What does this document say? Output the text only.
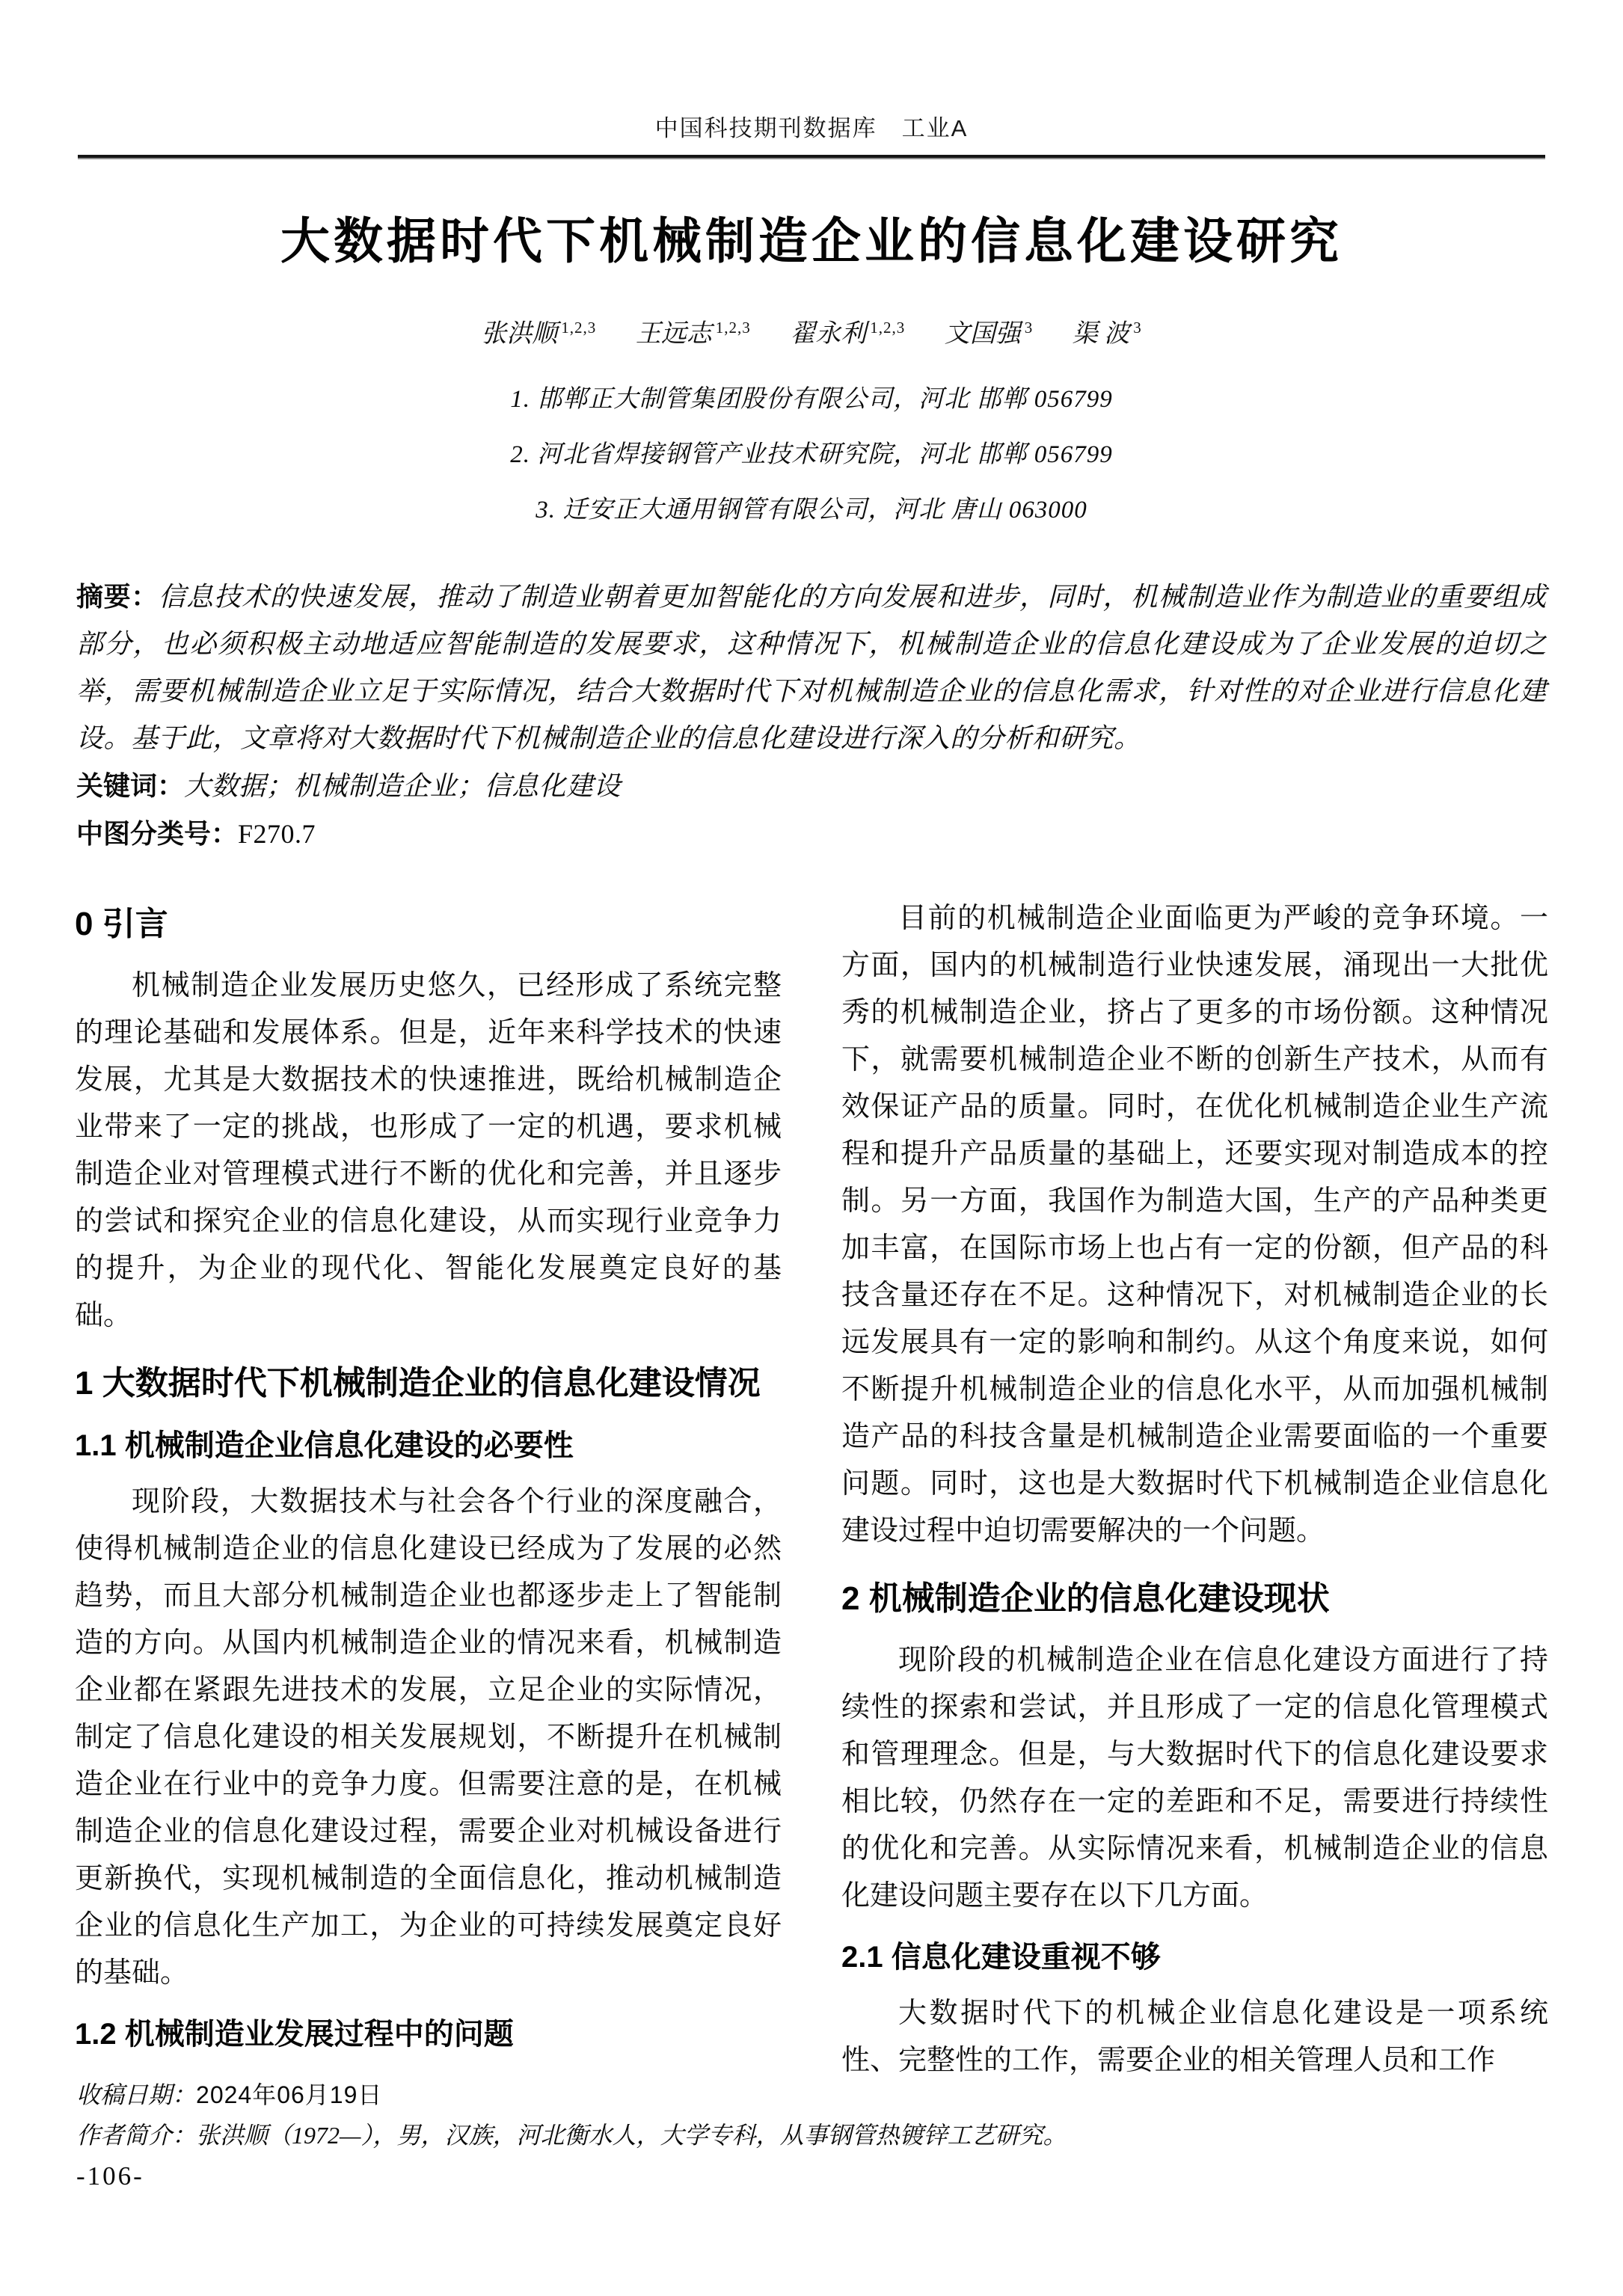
中国科技期刊数据库　工业A
大数据时代下机械制造企业的信息化建设研究
张洪顺 $^{1,2,3}$ 王远志 $^{1,2,3}$ 翟永利 $^{1,2,3}$ 文国强 $^3$ 渠 波 $^3$
1. 邯郸正大制管集团股份有限公司，河北 邯郸 056799
2. 河北省焊接钢管产业技术研究院，河北 邯郸 056799
3. 迁安正大通用钢管有限公司，河北 唐山 063000
摘要：信息技术的快速发展，推动了制造业朝着更加智能化的方向发展和进步，同时，机械制造业作为制造业的重要组成部分，也必须积极主动地适应智能制造的发展要求，这种情况下，机械制造企业的信息化建设成为了企业发展的迫切之举，需要机械制造企业立足于实际情况，结合大数据时代下对机械制造企业的信息化需求，针对性的对企业进行信息化建设。基于此，文章将对大数据时代下机械制造企业的信息化建设进行深入的分析和研究。
关键词：大数据；机械制造企业；信息化建设
中图分类号：F270.7
0 引言

机械制造企业发展历史悠久，已经形成了系统完整的理论基础和发展体系。但是，近年来科学技术的快速发展，尤其是大数据技术的快速推进，既给机械制造企业带来了一定的挑战，也形成了一定的机遇，要求机械制造企业对管理模式进行不断的优化和完善，并且逐步的尝试和探究企业的信息化建设，从而实现行业竞争力的提升，为企业的现代化、智能化发展奠定良好的基础。

1 大数据时代下机械制造企业的信息化建设情况
1.1 机械制造企业信息化建设的必要性

现阶段，大数据技术与社会各个行业的深度融合，使得机械制造企业的信息化建设已经成为了发展的必然趋势，而且大部分机械制造企业也都逐步走上了智能制造的方向。从国内机械制造企业的情况来看，机械制造企业都在紧跟先进技术的发展，立足企业的实际情况，制定了信息化建设的相关发展规划，不断提升在机械制造企业在行业中的竞争力度。但需要注意的是，在机械制造企业的信息化建设过程，需要企业对机械设备进行更新换代，实现机械制造的全面信息化，推动机械制造企业的信息化生产加工，为企业的可持续发展奠定良好的基础。

1.2 机械制造业发展过程中的问题

目前的机械制造企业面临更为严峻的竞争环境。一方面，国内的机械制造行业快速发展，涌现出一大批优秀的机械制造企业，挤占了更多的市场份额。这种情况下，就需要机械制造企业不断的创新生产技术，从而有效保证产品的质量。同时，在优化机械制造企业生产流程和提升产品质量的基础上，还要实现对制造成本的控制。另一方面，我国作为制造大国，生产的产品种类更加丰富，在国际市场上也占有一定的份额，但产品的科技含量还存在不足。这种情况下，对机械制造企业的长远发展具有一定的影响和制约。从这个角度来说，如何不断提升机械制造企业的信息化水平，从而加强机械制造产品的科技含量是机械制造企业需要面临的一个重要问题。同时，这也是大数据时代下机械制造企业信息化建设过程中迫切需要解决的一个问题。

2 机械制造企业的信息化建设现状

现阶段的机械制造企业在信息化建设方面进行了持续性的探索和尝试，并且形成了一定的信息化管理模式和管理理念。但是，与大数据时代下的信息化建设要求相比较，仍然存在一定的差距和不足，需要进行持续性的优化和完善。从实际情况来看，机械制造企业的信息化建设问题主要存在以下几方面。

2.1 信息化建设重视不够

大数据时代下的机械企业信息化建设是一项系统性、完整性的工作，需要企业的相关管理人员和工作

收稿日期：2024年06月19日
作者简介：张洪顺（1972—），男，汉族，河北衡水人，大学专科，从事钢管热镀锌工艺研究。
-106-
